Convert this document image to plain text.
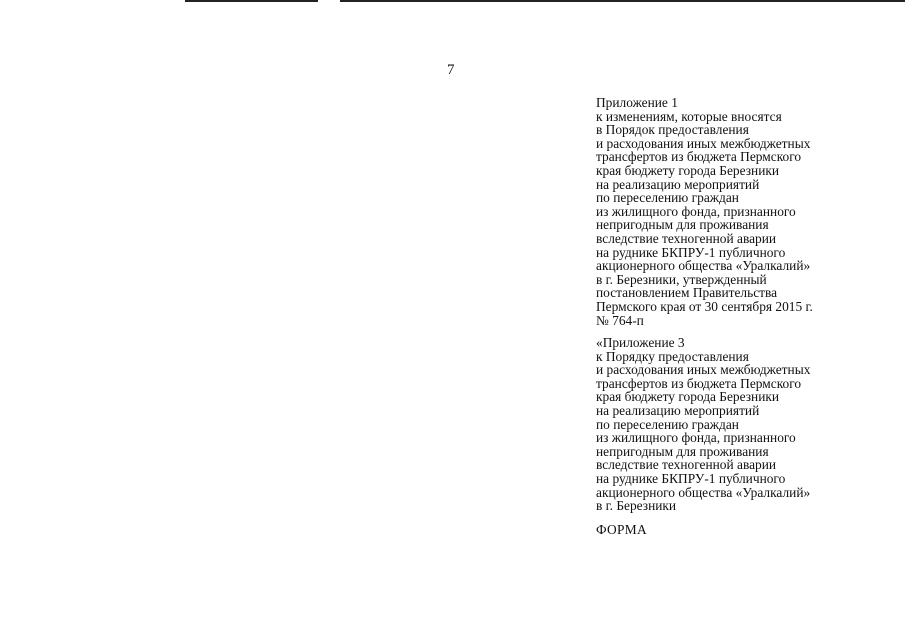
7
Приложение 1
к изменениям, которые вносятся
в Порядок предоставления
и расходования иных межбюджетных
трансфертов из бюджета Пермского
края бюджету города Березники
на реализацию мероприятий
по переселению граждан
из жилищного фонда, признанного
непригодным для проживания
вследствие техногенной аварии
на руднике БКПРУ-1 публичного
акционерного общества «Уралкалий»
в г. Березники, утвержденный
постановлением Правительства
Пермского края от 30 сентября 2015 г.
№ 764-п
«Приложение 3
к Порядку предоставления
и расходования иных межбюджетных
трансфертов из бюджета Пермского
края бюджету города Березники
на реализацию мероприятий
по переселению граждан
из жилищного фонда, признанного
непригодным для проживания
вследствие техногенной аварии
на руднике БКПРУ-1 публичного
акционерного общества «Уралкалий»
в г. Березники
ФОРМА
